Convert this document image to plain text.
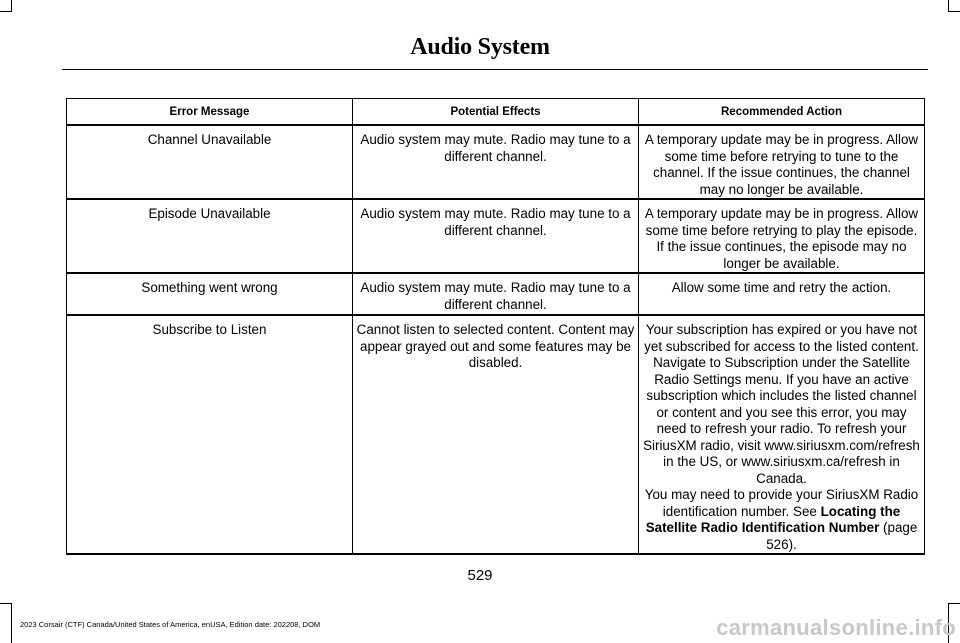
Audio System
Error Message	Potential Effects	Recommended Action
Channel Unavailable	Audio system may mute. Radio may tune to a different channel.	A temporary update may be in progress. Allow some time before retrying to tune to the channel. If the issue continues, the channel may no longer be available.
Episode Unavailable	Audio system may mute. Radio may tune to a different channel.	A temporary update may be in progress. Allow some time before retrying to play the episode. If the issue continues, the episode may no longer be available.
Something went wrong	Audio system may mute. Radio may tune to a different channel.	Allow some time and retry the action.
Subscribe to Listen	Cannot listen to selected content. Content may appear grayed out and some features may be disabled.	Your subscription has expired or you have not yet subscribed for access to the listed content. Navigate to Subscription under the Satellite Radio Settings menu. If you have an active subscription which includes the listed channel or content and you see this error, you may need to refresh your radio. To refresh your SiriusXM radio, visit www.siriusxm.com/refresh in the US, or www.siriusxm.ca/refresh in Canada.

You may need to provide your SiriusXM Radio identification number. See Locating the Satellite Radio Identification Number (page 526).

529
2023 Corsair (CTF) Canada/United States of America, enUSA, Edition date: 202208, DOM	carmanualsonline.info
